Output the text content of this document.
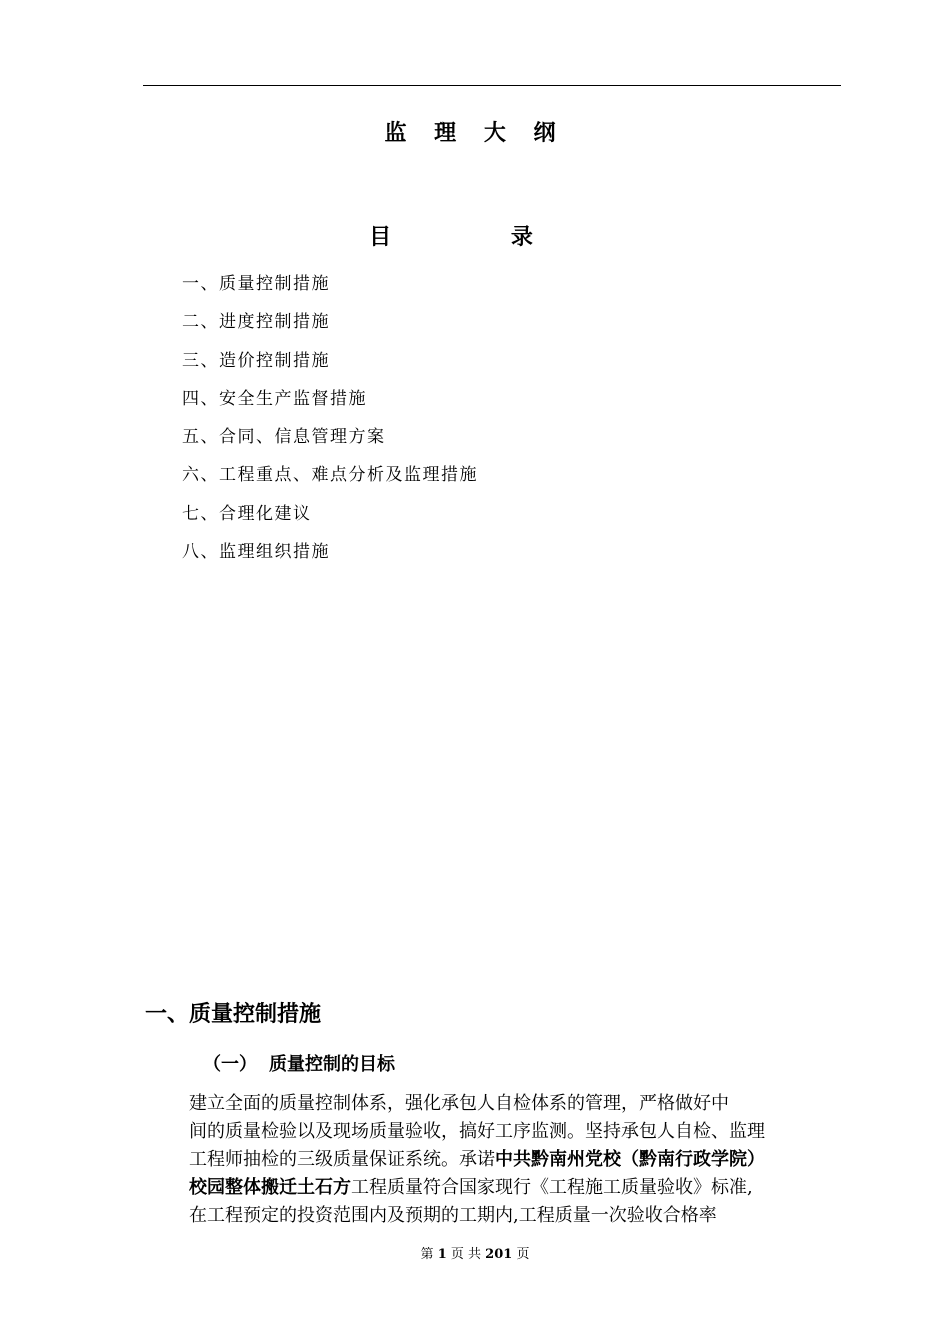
监 理 大 纲
目 录
一、质量控制措施
二、进度控制措施
三、造价控制措施
四、安全生产监督措施
五、合同、信息管理方案
六、工程重点、难点分析及监理措施
七、合理化建议
八、监理组织措施
一、质量控制措施
（一） 质量控制的目标
建立全面的质量控制体系，强化承包人自检体系的管理，严格做好中
间的质量检验以及现场质量验收，搞好工序监测。坚持承包人自检、监理
工程师抽检的三级质量保证系统。承诺中共黔南州党校（黔南行政学院）
校园整体搬迁土石方工程质量符合国家现行《工程施工质量验收》标准,
在工程预定的投资范围内及预期的工期内,工程质量一次验收合格率
第 1 页 共 201 页
